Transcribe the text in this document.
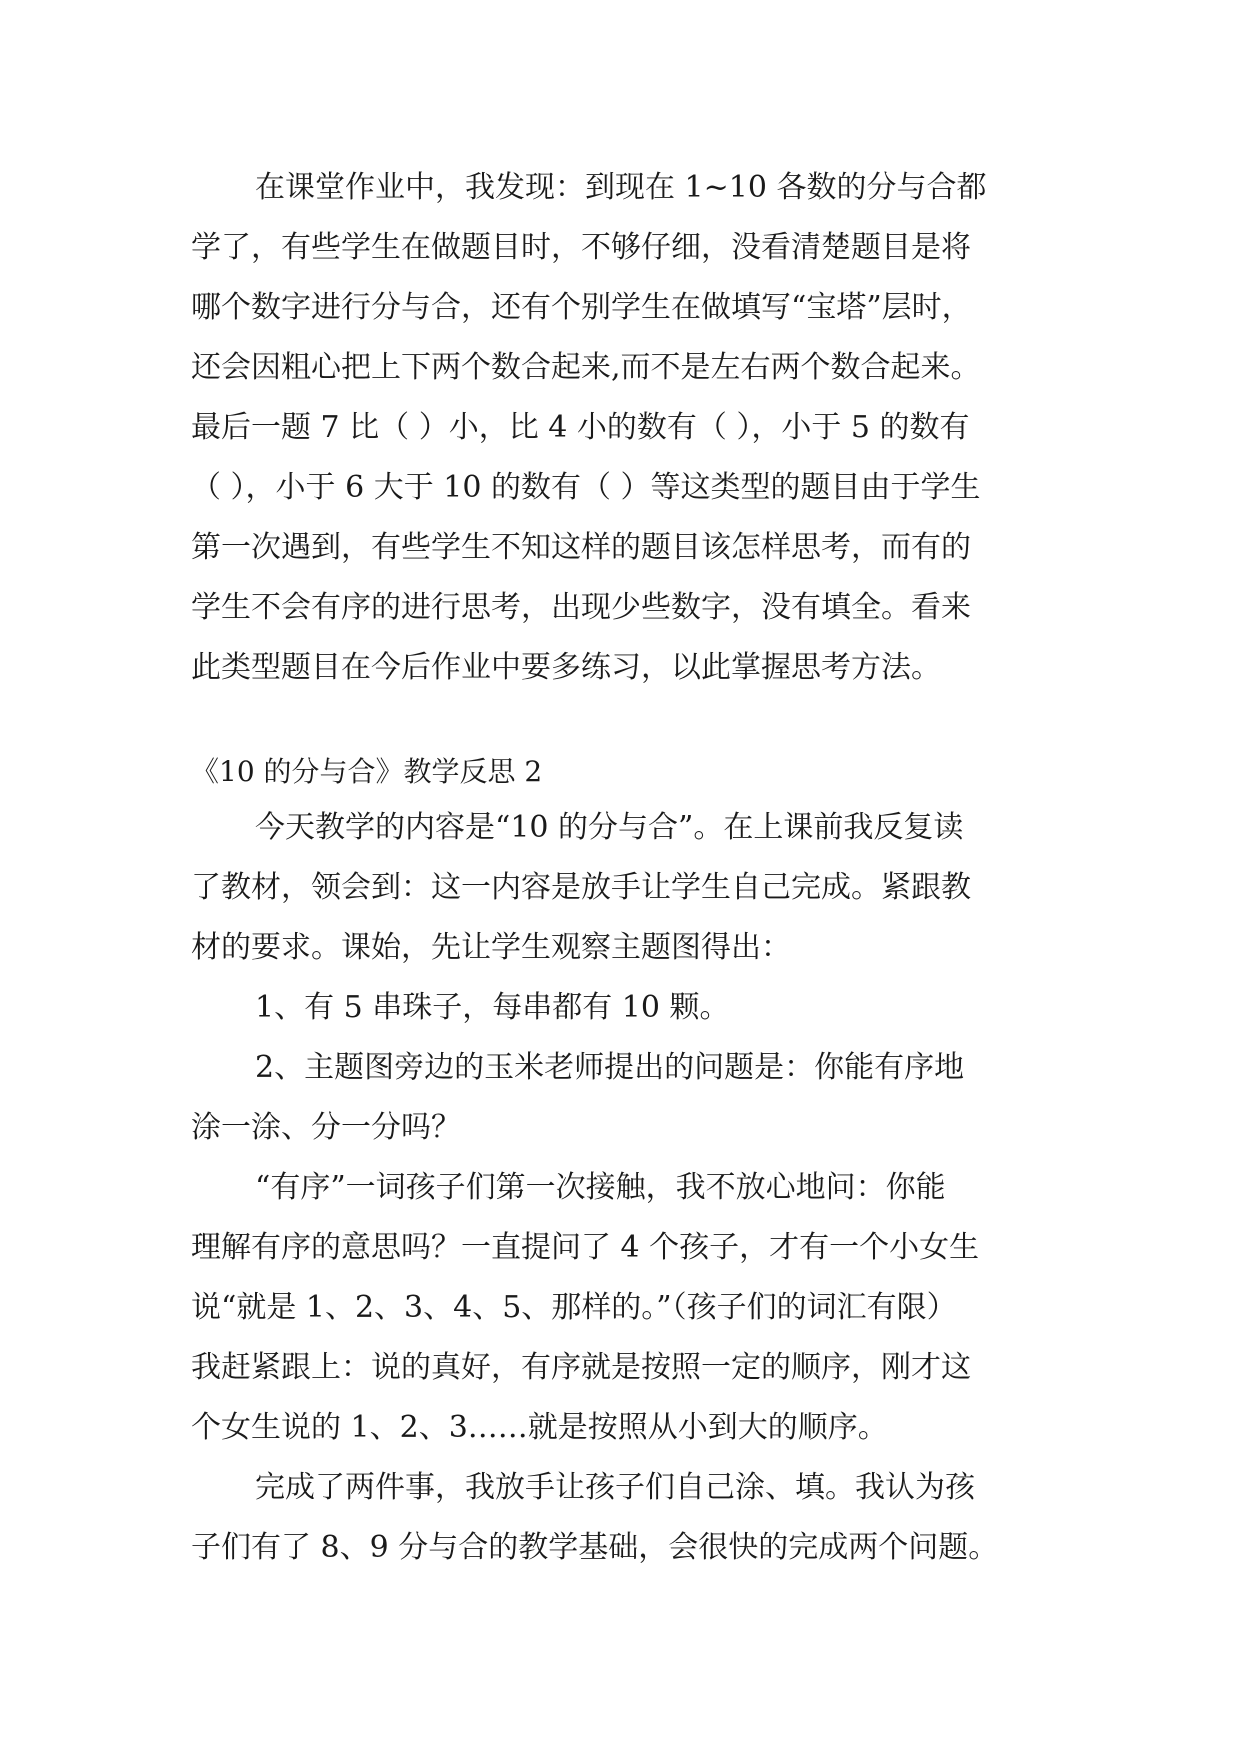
在课堂作业中，我发现：到现在 1~10 各数的分与合都
学了，有些学生在做题目时，不够仔细，没看清楚题目是将
哪个数字进行分与合，还有个别学生在做填写“宝塔”层时，
还会因粗心把上下两个数合起来,而不是左右两个数合起来。
最后一题 7 比（ ）小，比 4 小的数有（ ），小于 5 的数有
（ ），小于 6 大于 10 的数有（ ）等这类型的题目由于学生
第一次遇到，有些学生不知这样的题目该怎样思考，而有的
学生不会有序的进行思考，出现少些数字，没有填全。看来
此类型题目在今后作业中要多练习，以此掌握思考方法。
《10 的分与合》教学反思 2
今天教学的内容是“10 的分与合”。在上课前我反复读
了教材，领会到：这一内容是放手让学生自己完成。紧跟教
材的要求。课始，先让学生观察主题图得出：
1、有 5 串珠子，每串都有 10 颗。
2、主题图旁边的玉米老师提出的问题是：你能有序地
涂一涂、分一分吗？
“有序”一词孩子们第一次接触，我不放心地问：你能
理解有序的意思吗？一直提问了 4 个孩子，才有一个小女生
说“就是 1、2、3、4、5、那样的。”（孩子们的词汇有限）
我赶紧跟上：说的真好，有序就是按照一定的顺序，刚才这
个女生说的 1、2、3……就是按照从小到大的顺序。
完成了两件事，我放手让孩子们自己涂、填。我认为孩
子们有了 8、9 分与合的教学基础，会很快的完成两个问题。
